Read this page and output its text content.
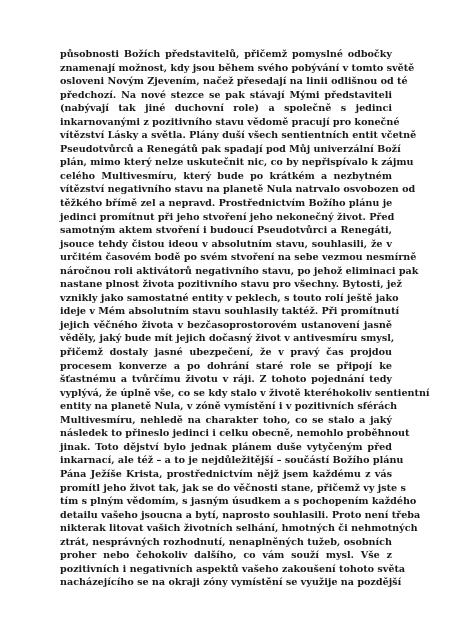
působnosti Božích představitelů, přičemž pomyslné odbočky
znamenají možnost, kdy jsou během svého pobývání v tomto světě
osloveni Novým Zjevením, načež přesedají na linii odlišnou od té
předchozí. Na nové stezce se pak stávají Mými představiteli
(nabývají tak jiné duchovní role) a společně s jedinci
inkarnovanými z pozitivního stavu vědomě pracují pro konečné
vítězství Lásky a světla. Plány duší všech sentientních entit včetně
Pseudotvůrců a Renegátů pak spadají pod Můj univerzální Boží
plán, mimo který nelze uskutečnit nic, co by nepřispívalo k zájmu
celého Multivesmíru, který bude po krátkém a nezbytném
vítězství negativního stavu na planetě Nula natrvalo osvobozen od
těžkého břímě zel a nepravd. Prostřednictvím Božího plánu je
jedinci promítnut při jeho stvoření jeho nekonečný život. Před
samotným aktem stvoření i budoucí Pseudotvůrci a Renegáti,
jsouce tehdy čistou ideou v absolutním stavu, souhlasili, že v
určitém časovém bodě po svém stvoření na sebe vezmou nesmírně
náročnou roli aktivátorů negativního stavu, po jehož eliminaci pak
nastane plnost života pozitivního stavu pro všechny. Bytosti, jež
vznikly jako samostatné entity v peklech, s touto rolí ještě jako
ideje v Mém absolutním stavu souhlasily taktéž. Při promítnutí
jejich věčného života v bezčasoprostorovém ustanovení jasně
věděly, jaký bude mít jejich dočasný život v antivesmíru smysl,
přičemž dostaly jasné ubezpečení, že v pravý čas projdou
procesem konverze a po dohrání staré role se připojí ke
šťastnému a tvůrčímu životu v ráji. Z tohoto pojednání tedy
vyplývá, že úplně vše, co se kdy stalo v životě kteréhokoliv sentientní
entity na planetě Nula, v zóně vymístění i v pozitivních sférách
Multivesmíru, nehledě na charakter toho, co se stalo a jaký
následek to přineslo jedinci i celku obecně, nemohlo proběhnout
jinak. Toto dějství bylo jednak plánem duše vytyčeným před
inkarnací, ale též – a to je nejdůležitější – součástí Božího plánu
Pána Ježíše Krista, prostřednictvím nějž jsem každému z vás
promítl jeho život tak, jak se do věčnosti stane, přičemž vy jste s
tím s plným vědomím, s jasným úsudkem a s pochopením každého
detailu vašeho jsoucna a bytí, naprosto souhlasili. Proto není třeba
nikterak litovat vašich životních selhání, hmotných či nehmotných
ztrát, nesprávných rozhodnutí, nenaplněných tužeb, osobních
proher nebo čehokoliv dalšího, co vám souží mysl. Vše z
pozitivních i negativních aspektů vašeho zakoušení tohoto světa
nacházejícího se na okraji zóny vymístění se využije na pozdější
